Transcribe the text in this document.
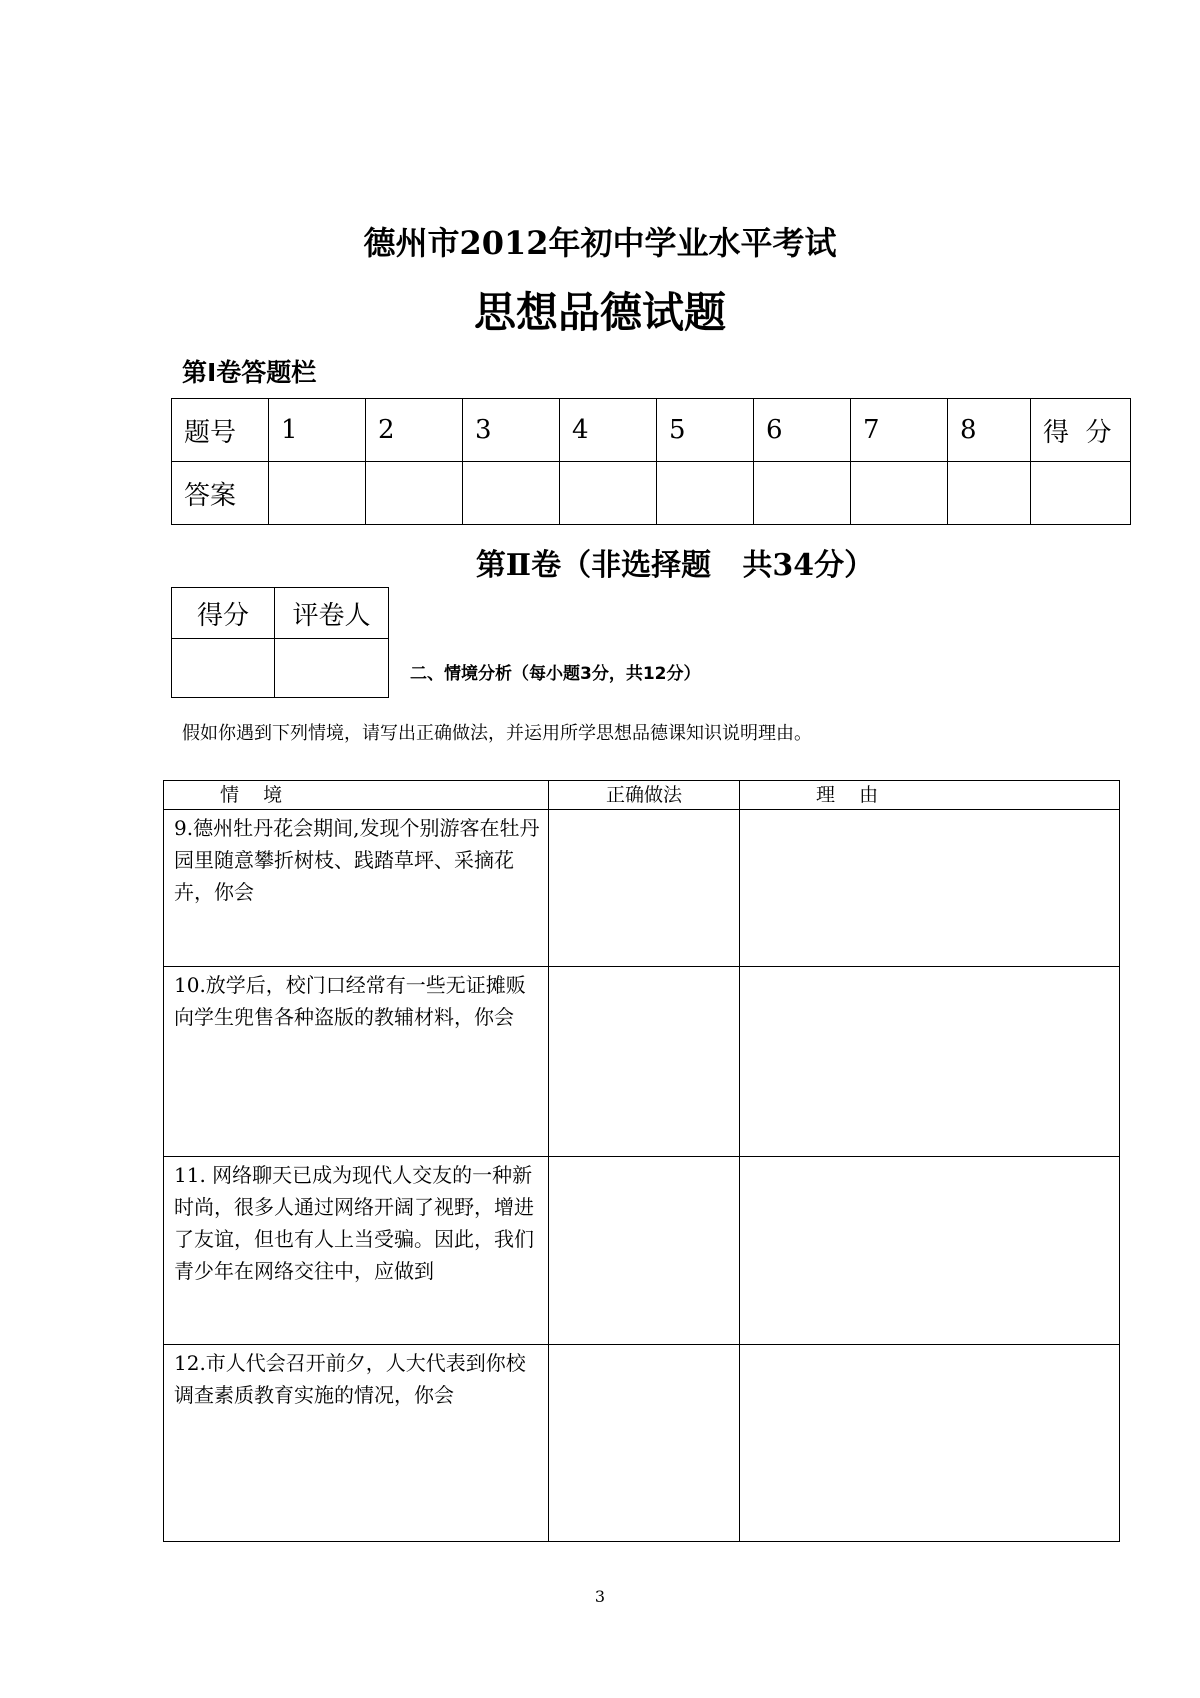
德州市2012年初中学业水平考试
思想品德试题
第Ⅰ卷答题栏
题号	1	2	3	4	5	6	7	8	得  分
答案									
第Ⅱ卷（非选择题   共34分）
得分	评卷人

二、情境分析（每小题3分，共12分）
假如你遇到下列情境，请写出正确做法，并运用所学思想品德课知识说明理由。
情    境	正确做法	理    由
9.德州牡丹花会期间,发现个别游客在牡丹园里随意攀折树枝、践踏草坪、采摘花卉，你会		
10.放学后，校门口经常有一些无证摊贩向学生兜售各种盗版的教辅材料，你会		
11. 网络聊天已成为现代人交友的一种新时尚，很多人通过网络开阔了视野，增进了友谊，但也有人上当受骗。因此，我们青少年在网络交往中，应做到		
12.市人代会召开前夕，人大代表到你校调查素质教育实施的情况，你会		
3
